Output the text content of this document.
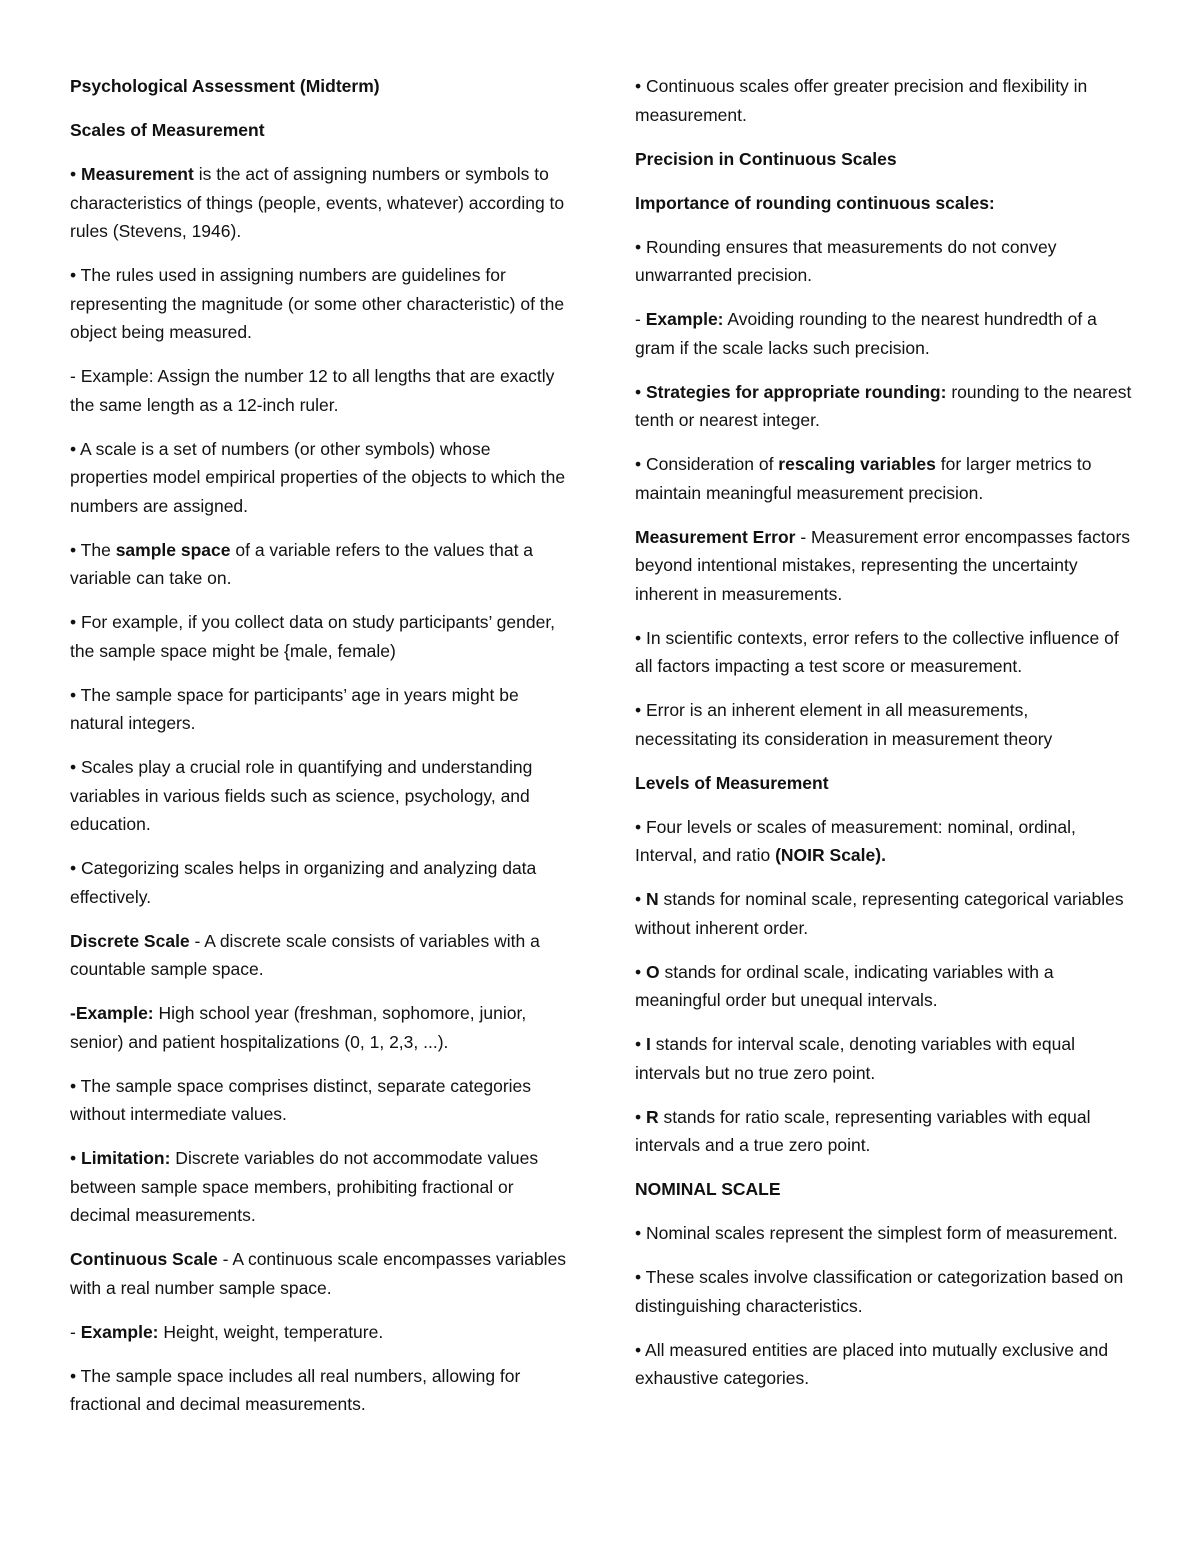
Psychological Assessment (Midterm)

Scales of Measurement

• Measurement is the act of assigning numbers or symbols to characteristics of things (people, events, whatever) according to rules (Stevens, 1946).

• The rules used in assigning numbers are guidelines for representing the magnitude (or some other characteristic) of the object being measured.

- Example: Assign the number 12 to all lengths that are exactly the same length as a 12-inch ruler.

• A scale is a set of numbers (or other symbols) whose properties model empirical properties of the objects to which the numbers are assigned.

• The sample space of a variable refers to the values that a variable can take on.

• For example, if you collect data on study participants’ gender, the sample space might be {male, female)

• The sample space for participants’ age in years might be natural integers.

• Scales play a crucial role in quantifying and understanding variables in various fields such as science, psychology, and education.

• Categorizing scales helps in organizing and analyzing data effectively.

Discrete Scale - A discrete scale consists of variables with a countable sample space.

-Example: High school year (freshman, sophomore, junior, senior) and patient hospitalizations (0, 1, 2,3, ...).

• The sample space comprises distinct, separate categories without intermediate values.

• Limitation: Discrete variables do not accommodate values between sample space members, prohibiting fractional or decimal measurements.

Continuous Scale - A continuous scale encompasses variables with a real number sample space.

- Example: Height, weight, temperature.

• The sample space includes all real numbers, allowing for fractional and decimal measurements.

• Continuous scales offer greater precision and flexibility in measurement.

Precision in Continuous Scales

Importance of rounding continuous scales:

• Rounding ensures that measurements do not convey unwarranted precision.

- Example: Avoiding rounding to the nearest hundredth of a gram if the scale lacks such precision.

• Strategies for appropriate rounding: rounding to the nearest tenth or nearest integer.

• Consideration of rescaling variables for larger metrics to maintain meaningful measurement precision.

Measurement Error - Measurement error encompasses factors beyond intentional mistakes, representing the uncertainty inherent in measurements.

• In scientific contexts, error refers to the collective influence of all factors impacting a test score or measurement.

• Error is an inherent element in all measurements, necessitating its consideration in measurement theory

Levels of Measurement

• Four levels or scales of measurement: nominal, ordinal, Interval, and ratio (NOIR Scale).

• N stands for nominal scale, representing categorical variables without inherent order.

• O stands for ordinal scale, indicating variables with a meaningful order but unequal intervals.

• I stands for interval scale, denoting variables with equal intervals but no true zero point.

• R stands for ratio scale, representing variables with equal intervals and a true zero point.

NOMINAL SCALE

• Nominal scales represent the simplest form of measurement.

• These scales involve classification or categorization based on distinguishing characteristics.

• All measured entities are placed into mutually exclusive and exhaustive categories.
